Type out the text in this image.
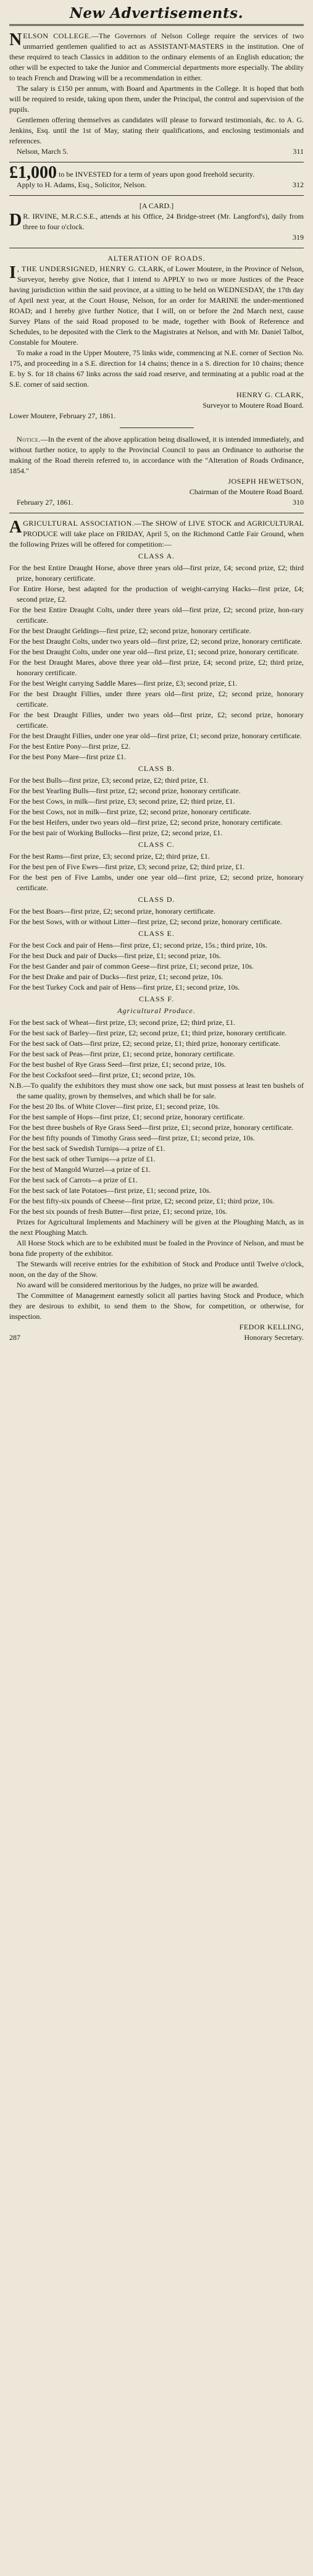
New Advertisements.

N ELSON COLLEGE.—The Governors of Nelson College require the services of two unmarried gentlemen qualified to act as ASSISTANT-MASTERS in the institution. One of these required to teach Classics in addition to the ordinary elements of an English education; the other will be expected to take the Junior and Commercial departments more especially. The ability to teach French and Drawing will be a recommendation in either.

The salary is £150 per annum, with Board and Apartments in the College. It is hoped that both will be required to reside, taking upon them, under the Principal, the control and supervision of the pupils.

Gentlemen offering themselves as candidates will please to forward testimonials, &c. to A. G. Jenkins, Esq. until the 1st of May, stating their qualifications, and enclosing testimonials and references.

Nelson, March 5.	311

£1,000 to be INVESTED for a term of years upon good freehold security.

Apply to H. Adams, Esq., Solicitor, Nelson.	312

[A CARD.]

D R. IRVINE, M.R.C.S.E., attends at his Office, 24 Bridge-street (Mr. Langford's), daily from three to four o'clock.

319

ALTERATION OF ROADS.

I , THE UNDERSIGNED, HENRY G. CLARK, of Lower Moutere, in the Province of Nelson, Surveyor, hereby give Notice, that I intend to APPLY to two or more Justices of the Peace having jurisdiction within the said province, at a sitting to be held on WEDNESDAY, the 17th day of April next year, at the Court House, Nelson, for an order for MARINE the under-mentioned ROAD; and I hereby give further Notice, that I will, on or before the 2nd March next, cause Survey Plans of the said Road proposed to be made, together with Book of Reference and Schedules, to be deposited with the Clerk to the Magistrates at Nelson, and with Mr. Daniel Talbot, Constable for Moutere.

To make a road in the Upper Moutere, 75 links wide, commencing at N.E. corner of Section No. 175, and proceeding in a S.E. direction for 14 chains; thence in a S. direction for 10 chains; thence E. by S. for 18 chains 67 links across the said road reserve, and terminating at a public road at the S.E. corner of said section.

HENRY G. CLARK,

Surveyor to Moutere Road Board.

Lower Moutere, February 27, 1861.

Notice.—In the event of the above application being disallowed, it is intended immediately, and without further notice, to apply to the Provincial Council to pass an Ordinance to authorise the making of the Road therein referred to, in accordance with the "Alteration of Roads Ordinance, 1854."

JOSEPH HEWETSON,

Chairman of the Moutere Road Board.

February 27, 1861.	310

A GRICULTURAL ASSOCIATION.—The SHOW of LIVE STOCK and AGRICULTURAL PRODUCE will take place on FRIDAY, April 5, on the Richmond Cattle Fair Ground, when the following Prizes will be offered for competition:—

CLASS A.

For the best Entire Draught Horse, above three years old—first prize, £4; second prize, £2; third prize, honorary certificate.

For Entire Horse, best adapted for the production of weight-carrying Hacks—first prize, £4; second prize, £2.

For the best Entire Draught Colts, under three years old—first prize, £2; second prize, hon-rary certificate.

For the best Draught Geldings—first prize, £2; second prize, honorary certificate.

For the best Draught Colts, under two years old—first prize, £2; second prize, honorary certificate.

For the best Draught Colts, under one year old—first prize, £1; second prize, honorary certificate.

For the best Draught Mares, above three year old—first prize, £4; second prize, £2; third prize, honorary certificate.

For the best Weight carrying Saddle Mares—first prize, £3; second prize, £1.

For the best Draught Fillies, under three years old—first prize, £2; second prize, honorary certificate.

For the best Draught Fillies, under two years old—first prize, £2; second prize, honorary certificate.

For the best Draught Fillies, under one year old—first prize, £1; second prize, honorary certificate.

For the best Entire Pony—first prize, £2.

For the best Pony Mare—first prize £1.

CLASS B.

For the best Bulls—first prize, £3; second prize, £2; third prize, £1.

For the best Yearling Bulls—first prize, £2; second prize, honorary certificate.

For the best Cows, in milk—first prize, £3; second prize, £2; third prize, £1.

For the best Cows, not in milk—first prize, £2; second prize, honorary certificate.

For the best Heifers, under two years old—first prize, £2; second prize, honorary certificate.

For the best pair of Working Bullocks—first prize, £2; second prize, £1.

CLASS C.

For the best Rams—first prize, £3; second prize, £2; third prize, £1.

For the best pen of Five Ewes—first prize, £3; second prize, £2; third prize, £1.

For the best pen of Five Lambs, under one year old—first prize, £2; second prize, honorary certificate.

CLASS D.

For the best Boars—first prize, £2; second prize, honorary certificate.

For the best Sows, with or without Litter—first prize, £2; second prize, honorary certificate.

CLASS E.

For the best Cock and pair of Hens—first prize, £1; second prize, 15s.; third prize, 10s.

For the best Duck and pair of Ducks—first prize, £1; second prize, 10s.

For the best Gander and pair of common Geese—first prize, £1; second prize, 10s.

For the best Drake and pair of Ducks—first prize, £1; second prize, 10s.

For the best Turkey Cock and pair of Hens—first prize, £1; second prize, 10s.

CLASS F.

Agricultural Produce.

For the best sack of Wheat—first prize, £3; second prize, £2; third prize, £1.

For the best sack of Barley—first prize, £2; second prize, £1; third prize, honorary certificate.

For the best sack of Oats—first prize, £2; second prize, £1; third prize, honorary certificate.

For the best sack of Peas—first prize, £1; second prize, honorary certificate.

For the best bushel of Rye Grass Seed—first prize, £1; second prize, 10s.

For the best Cocksfoot seed—first prize, £1; second prize, 10s.

N.B.—To qualify the exhibitors they must show one sack, but must possess at least ten bushels of the same quality, grown by themselves, and which shall be for sale.

For the best 20 lbs. of White Clover—first prize, £1; second prize, 10s.

For the best sample of Hops—first prize, £1; second prize, honorary certificate.

For the best three bushels of Rye Grass Seed—first prize, £1; second prize, honorary certificate.

For the best fifty pounds of Timothy Grass seed—first prize, £1; second prize, 10s.

For the best sack of Swedish Turnips—a prize of £1.

For the best sack of other Turnips—a prize of £1.

For the best of Mangold Wurzel—a prize of £1.

For the best sack of Carrots—a prize of £1.

For the best sack of late Potatoes—first prize, £1; second prize, 10s.

For the best fifty-six pounds of Cheese—first prize, £2; second prize, £1; third prize, 10s.

For the best six pounds of fresh Butter—first prize, £1; second prize, 10s.

Prizes for Agricultural Implements and Machinery will be given at the Ploughing Match, as in the next Ploughing Match.

All Horse Stock which are to be exhibited must be foaled in the Province of Nelson, and must be bona fide property of the exhibitor.

The Stewards will receive entries for the exhibition of Stock and Produce until Twelve o'clock, noon, on the day of the Show.

No award will be considered meritorious by the Judges, no prize will be awarded.

The Committee of Management earnestly solicit all parties having Stock and Produce, which they are desirous to exhibit, to send them to the Show, for competition, or otherwise, for inspection.

FEDOR KELLING,

287	Honorary Secretary.
